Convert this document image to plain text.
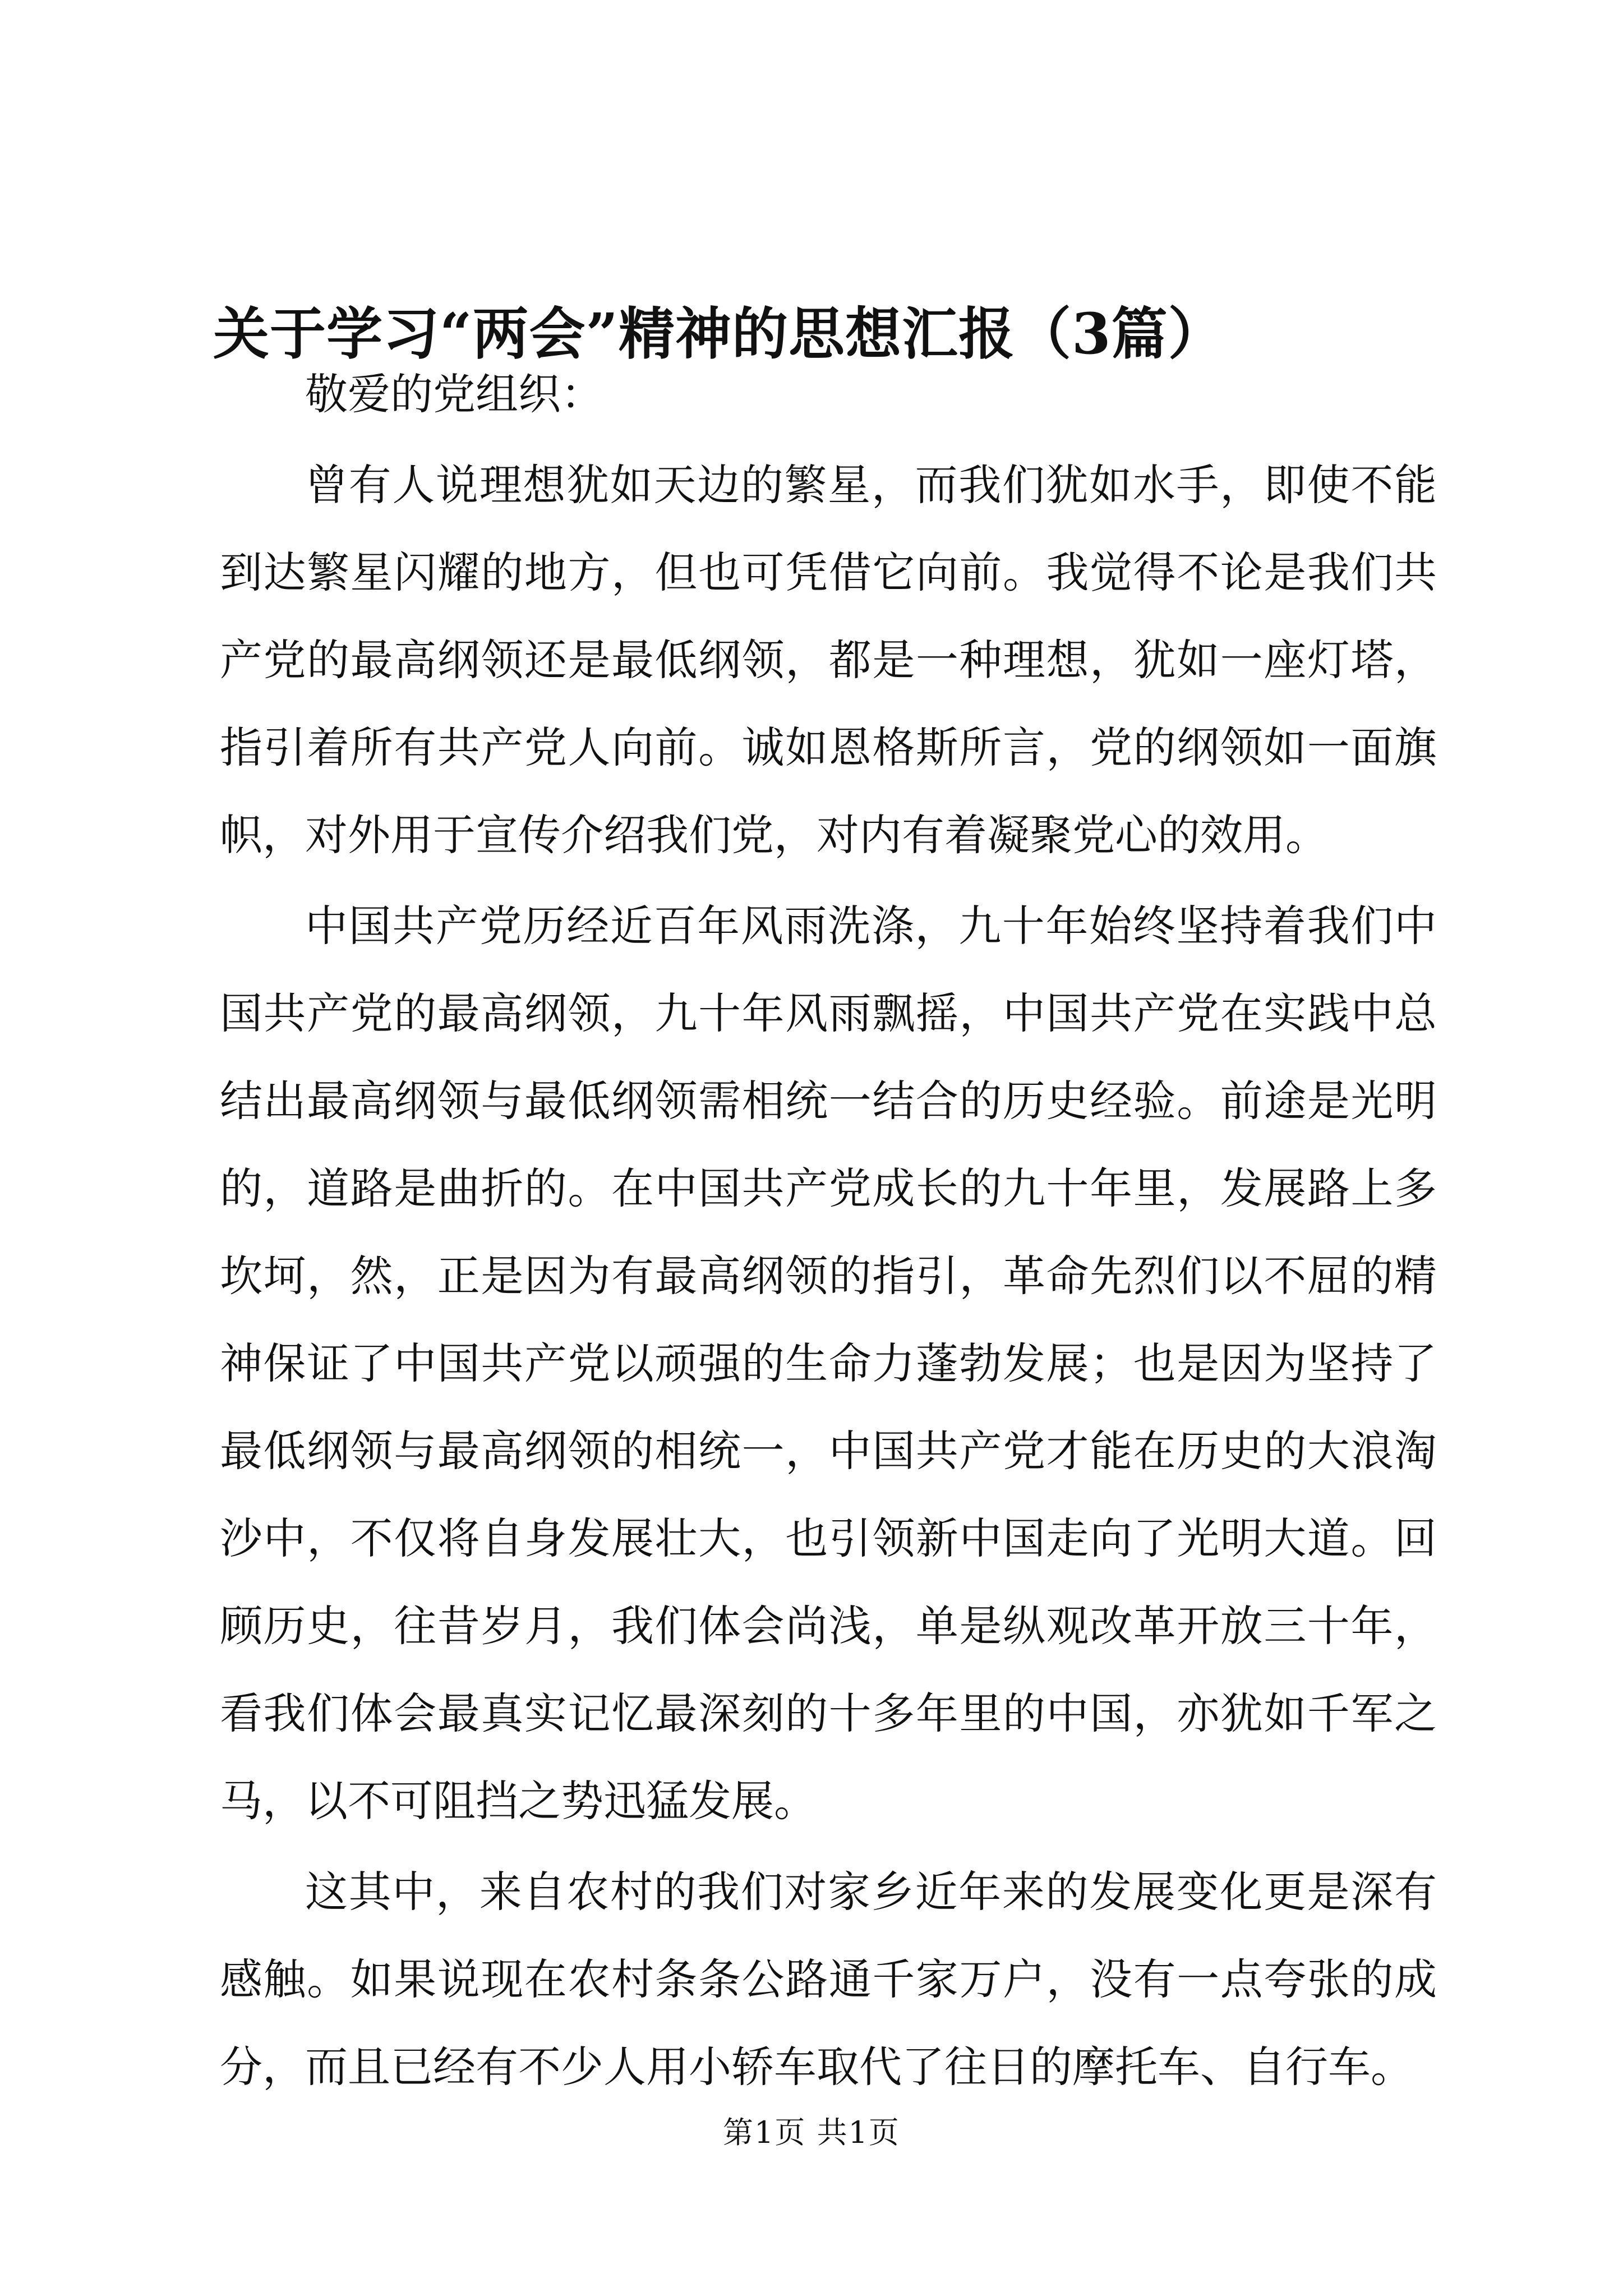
关于学习“两会”精神的思想汇报（3篇）

敬爱的党组织：

曾有人说理想犹如天边的繁星，而我们犹如水手，即使不能到达繁星闪耀的地方，但也可凭借它向前。我觉得不论是我们共产党的最高纲领还是最低纲领，都是一种理想，犹如一座灯塔，指引着所有共产党人向前。诚如恩格斯所言，党的纲领如一面旗帜，对外用于宣传介绍我们党，对内有着凝聚党心的效用。

中国共产党历经近百年风雨洗涤，九十年始终坚持着我们中国共产党的最高纲领，九十年风雨飘摇，中国共产党在实践中总结出最高纲领与最低纲领需相统一结合的历史经验。前途是光明的，道路是曲折的。在中国共产党成长的九十年里，发展路上多坎坷，然，正是因为有最高纲领的指引，革命先烈们以不屈的精神保证了中国共产党以顽强的生命力蓬勃发展；也是因为坚持了最低纲领与最高纲领的相统一，中国共产党才能在历史的大浪淘沙中，不仅将自身发展壮大，也引领新中国走向了光明大道。回顾历史，往昔岁月，我们体会尚浅，单是纵观改革开放三十年，看我们体会最真实记忆最深刻的十多年里的中国，亦犹如千军之马，以不可阻挡之势迅猛发展。

这其中，来自农村的我们对家乡近年来的发展变化更是深有感触。如果说现在农村条条公路通千家万户，没有一点夸张的成分，而且已经有不少人用小轿车取代了往日的摩托车、自行车。

第1页 共1页
